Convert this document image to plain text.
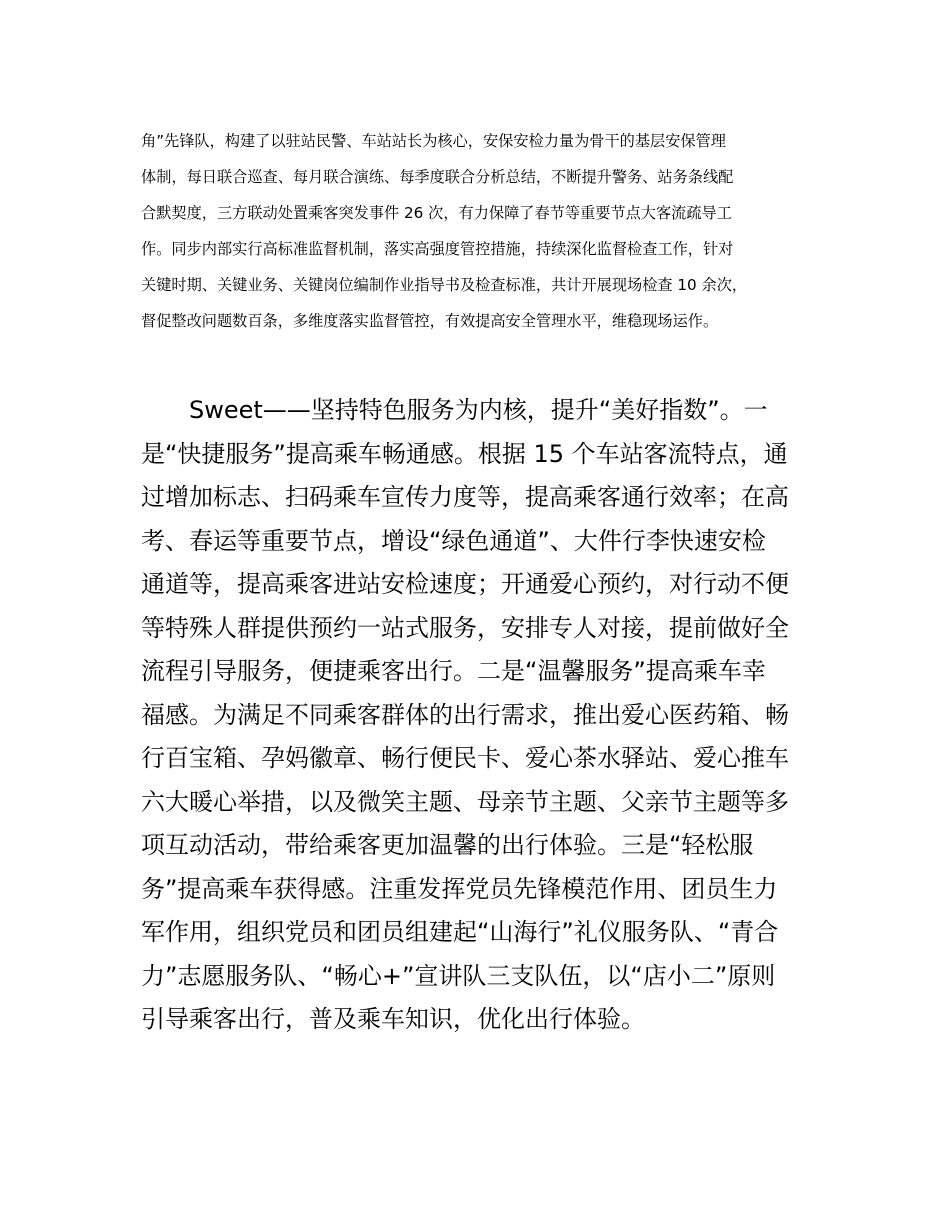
角”先锋队，构建了以驻站民警、车站站长为核心，安保安检力量为骨干的基层安保管理
体制，每日联合巡查、每月联合演练、每季度联合分析总结，不断提升警务、站务条线配
合默契度，三方联动处置乘客突发事件 26 次，有力保障了春节等重要节点大客流疏导工
作。同步内部实行高标准监督机制，落实高强度管控措施，持续深化监督检查工作，针对
关键时期、关键业务、关键岗位编制作业指导书及检查标准，共计开展现场检查 10 余次，
督促整改问题数百条，多维度落实监督管控，有效提高安全管理水平，维稳现场运作。
Sweet——坚持特色服务为内核，提升“美好指数”。一
是“快捷服务”提高乘车畅通感。根据 15 个车站客流特点，通
过增加标志、扫码乘车宣传力度等，提高乘客通行效率；在高
考、春运等重要节点，增设“绿色通道”、大件行李快速安检
通道等，提高乘客进站安检速度；开通爱心预约，对行动不便
等特殊人群提供预约一站式服务，安排专人对接，提前做好全
流程引导服务，便捷乘客出行。二是“温馨服务”提高乘车幸
福感。为满足不同乘客群体的出行需求，推出爱心医药箱、畅
行百宝箱、孕妈徽章、畅行便民卡、爱心茶水驿站、爱心推车
六大暖心举措，以及微笑主题、母亲节主题、父亲节主题等多
项互动活动，带给乘客更加温馨的出行体验。三是“轻松服
务”提高乘车获得感。注重发挥党员先锋模范作用、团员生力
军作用，组织党员和团员组建起“山海行”礼仪服务队、“青合
力”志愿服务队、“畅心+”宣讲队三支队伍，以“店小二”原则
引导乘客出行，普及乘车知识，优化出行体验。
